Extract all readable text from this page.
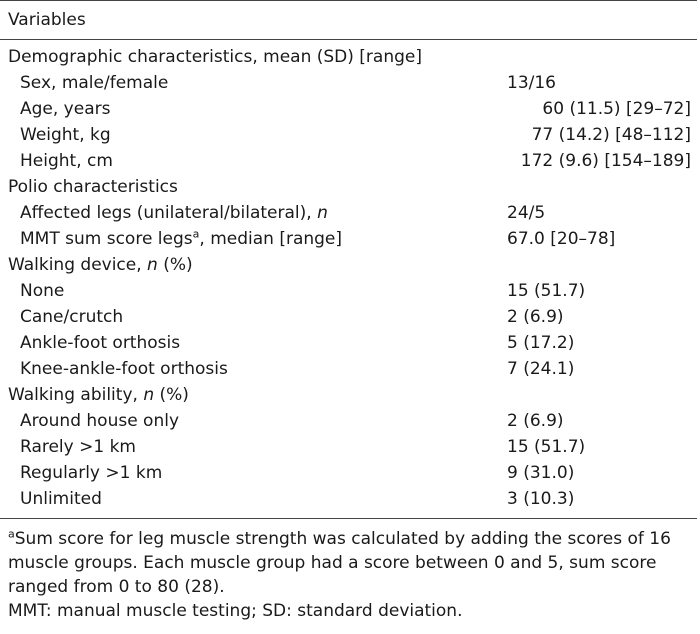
Variables
Demographic characteristics, mean (SD) [range]
Sex, male/female	13/16
Age, years	60 (11.5) [29–72]
Weight, kg	77 (14.2) [48–112]
Height, cm	172 (9.6) [154–189]
Polio characteristics
Affected legs (unilateral/bilateral), n	24/5
MMT sum score legs$^a$, median [range]	67.0 [20–78]
Walking device, n (%)
None	15 (51.7)
Cane/crutch	2 (6.9)
Ankle-foot orthosis	5 (17.2)
Knee-ankle-foot orthosis	7 (24.1)
Walking ability, n (%)
Around house only	2 (6.9)
Rarely >1 km	15 (51.7)
Regularly >1 km	9 (31.0)
Unlimited	3 (10.3)

$^a$Sum score for leg muscle strength was calculated by adding the scores of 16 muscle groups. Each muscle group had a score between 0 and 5, sum score ranged from 0 to 80 (28).

MMT: manual muscle testing; SD: standard deviation.
